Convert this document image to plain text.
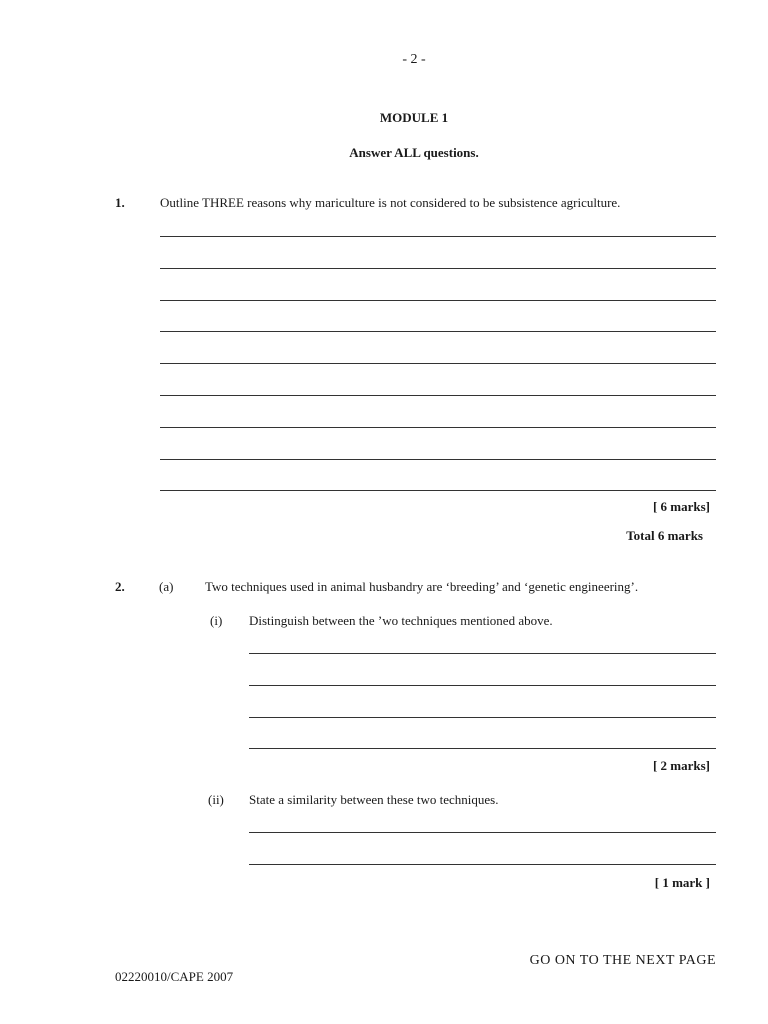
- 2 -
MODULE 1
Answer ALL questions.
1.	Outline THREE reasons why mariculture is not considered to be subsistence agriculture.
[ 6 marks]
Total 6 marks
2.	(a) Two techniques used in animal husbandry are ‘breeding’ and ‘genetic engineering’.
(i) Distinguish between the ’wo techniques mentioned above.
[ 2 marks]
(ii) State a similarity between these two techniques.
[ 1 mark ]
GO ON TO THE NEXT PAGE
02220010/CAPE 2007
